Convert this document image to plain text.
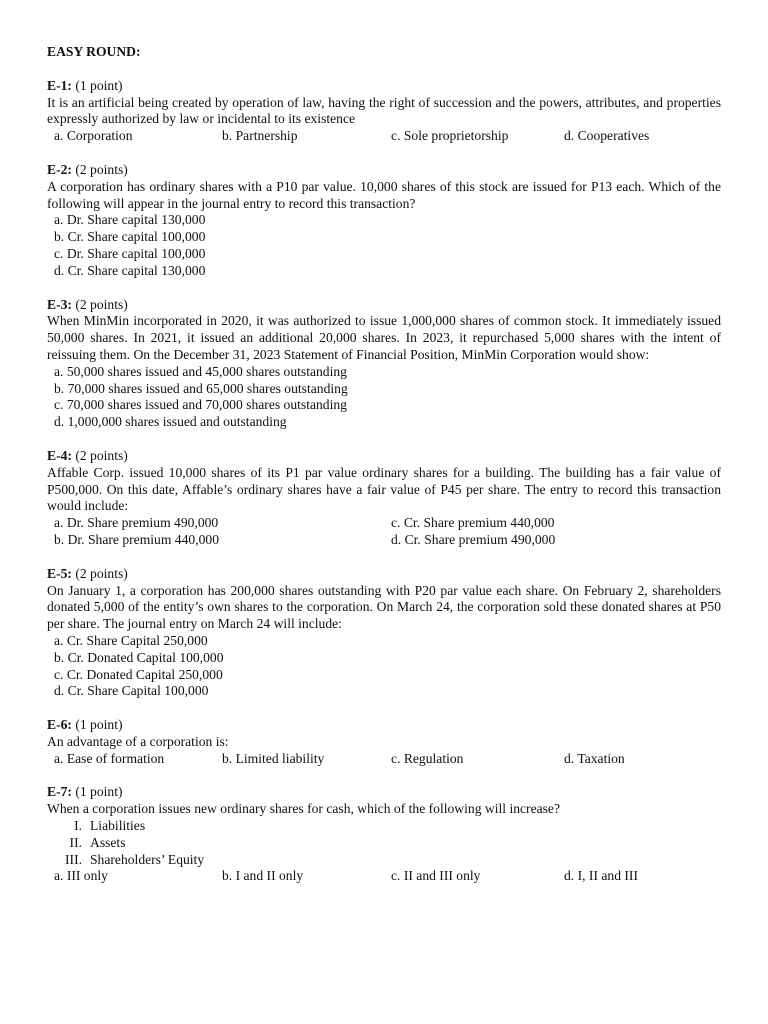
EASY ROUND:
E-1: (1 point)
It is an artificial being created by operation of law, having the right of succession and the powers, attributes, and properties expressly authorized by law or incidental to its existence
a. Corporation	b. Partnership	c. Sole proprietorship	d. Cooperatives
E-2: (2 points)
A corporation has ordinary shares with a P10 par value. 10,000 shares of this stock are issued for P13 each. Which of the following will appear in the journal entry to record this transaction?
a. Dr. Share capital 130,000
b. Cr. Share capital 100,000
c. Dr. Share capital 100,000
d. Cr. Share capital 130,000
E-3: (2 points)
When MinMin incorporated in 2020, it was authorized to issue 1,000,000 shares of common stock. It immediately issued 50,000 shares. In 2021, it issued an additional 20,000 shares. In 2023, it repurchased 5,000 shares with the intent of reissuing them. On the December 31, 2023 Statement of Financial Position, MinMin Corporation would show:
a. 50,000 shares issued and 45,000 shares outstanding
b. 70,000 shares issued and 65,000 shares outstanding
c. 70,000 shares issued and 70,000 shares outstanding
d. 1,000,000 shares issued and outstanding
E-4: (2 points)
Affable Corp. issued 10,000 shares of its P1 par value ordinary shares for a building. The building has a fair value of P500,000. On this date, Affable’s ordinary shares have a fair value of P45 per share. The entry to record this transaction would include:
a. Dr. Share premium 490,000	c. Cr. Share premium 440,000
b. Dr. Share premium 440,000	d. Cr. Share premium 490,000
E-5: (2 points)
On January 1, a corporation has 200,000 shares outstanding with P20 par value each share. On February 2, shareholders donated 5,000 of the entity’s own shares to the corporation. On March 24, the corporation sold these donated shares at P50 per share. The journal entry on March 24 will include:
a. Cr. Share Capital 250,000
b. Cr. Donated Capital 100,000
c. Cr. Donated Capital 250,000
d. Cr. Share Capital 100,000
E-6: (1 point)
An advantage of a corporation is:
a. Ease of formation	b. Limited liability	c. Regulation	d. Taxation
E-7: (1 point)
When a corporation issues new ordinary shares for cash, which of the following will increase?
I. Liabilities
II. Assets
III. Shareholders’ Equity
a. III only	b. I and II only	c. II and III only	d. I, II and III
